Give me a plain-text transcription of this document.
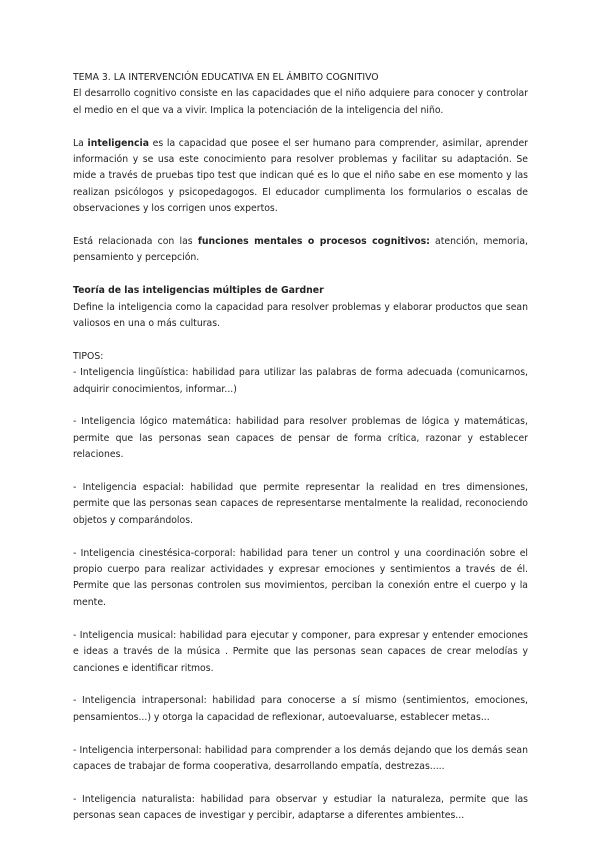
TEMA 3. LA INTERVENCIÓN EDUCATIVA EN EL ÁMBITO COGNITIVO

El desarrollo cognitivo consiste en las capacidades que el niño adquiere para conocer y controlar el medio en el que va a vivir. Implica la potenciación de la inteligencia del niño.

La inteligencia es la capacidad que posee el ser humano para comprender, asimilar, aprender información y se usa este conocimiento para resolver problemas y facilitar su adaptación. Se mide a través de pruebas tipo test que indican qué es lo que el niño sabe en ese momento y las realizan psicólogos y psicopedagogos. El educador cumplimenta los formularios o escalas de observaciones y los corrigen unos expertos.

Está relacionada con las funciones mentales o procesos cognitivos: atención, memoria, pensamiento y percepción.

Teoría de las inteligencias múltiples de Gardner

Define la inteligencia como la capacidad para resolver problemas y elaborar productos que sean valiosos en una o más culturas.

TIPOS:

- Inteligencia lingüística: habilidad para utilizar las palabras de forma adecuada (comunicarnos, adquirir conocimientos, informar...)

- Inteligencia lógico matemática: habilidad para resolver problemas de lógica y matemáticas, permite que las personas sean capaces de pensar de forma crítica, razonar y establecer relaciones.

- Inteligencia espacial: habilidad que permite representar la realidad en tres dimensiones, permite que las personas sean capaces de representarse mentalmente la realidad, reconociendo objetos y comparándolos.

- Inteligencia cinestésica-corporal: habilidad para tener un control y una coordinación sobre el propio cuerpo para realizar actividades y expresar emociones y sentimientos a través de él. Permite que las personas controlen sus movimientos, perciban la conexión entre el cuerpo y la mente.

- Inteligencia musical: habilidad para ejecutar y componer, para expresar y entender emociones e ideas a través de la música . Permite que las personas sean capaces de crear melodías y canciones e identificar ritmos.

- Inteligencia intrapersonal: habilidad para conocerse a sí mismo (sentimientos, emociones, pensamientos...) y otorga la capacidad de reflexionar, autoevaluarse, establecer metas...

- Inteligencia interpersonal: habilidad para comprender a los demás dejando que los demás sean capaces de trabajar de forma cooperativa, desarrollando empatía, destrezas.....

- Inteligencia naturalista: habilidad para observar y estudiar la naturaleza, permite que las personas sean capaces de investigar y percibir, adaptarse a diferentes ambientes...
